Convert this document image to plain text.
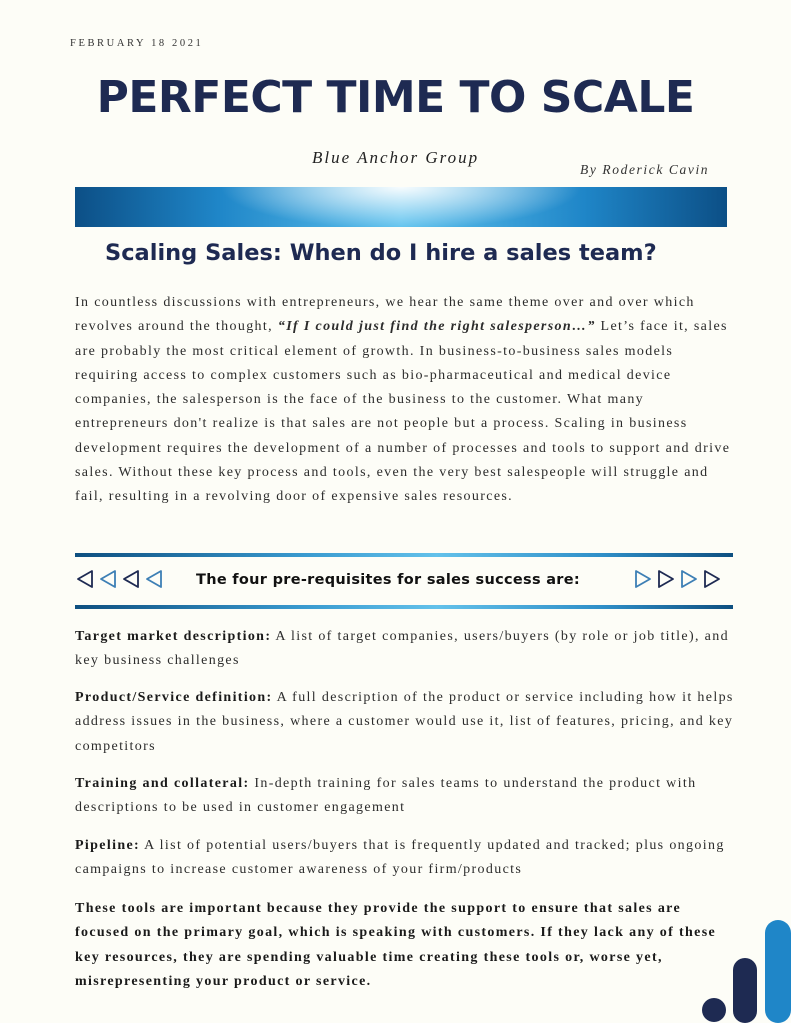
FEBRUARY 18 2021
PERFECT TIME TO SCALE
Blue Anchor Group
By Roderick Cavin
Scaling Sales: When do I hire a sales team?

In countless discussions with entrepreneurs, we hear the same theme over and over which revolves around the thought, “If I could just find the right salesperson…” Let’s face it, sales are probably the most critical element of growth. In business-to-business sales models requiring access to complex customers such as bio-pharmaceutical and medical device companies, the salesperson is the face of the business to the customer. What many entrepreneurs don't realize is that sales are not people but a process. Scaling in business development requires the development of a number of processes and tools to support and drive sales. Without these key process and tools, even the very best salespeople will struggle and fail, resulting in a revolving door of expensive sales resources.

The four pre-requisites for sales success are:

Target market description: A list of target companies, users/buyers (by role or job title), and key business challenges

Product/Service definition: A full description of the product or service including how it helps address issues in the business, where a customer would use it, list of features, pricing, and key competitors

Training and collateral: In-depth training for sales teams to understand the product with descriptions to be used in customer engagement

Pipeline: A list of potential users/buyers that is frequently updated and tracked; plus ongoing campaigns to increase customer awareness of your firm/products

These tools are important because they provide the support to ensure that sales are focused on the primary goal, which is speaking with customers. If they lack any of these key resources, they are spending valuable time creating these tools or, worse yet, misrepresenting your product or service.
